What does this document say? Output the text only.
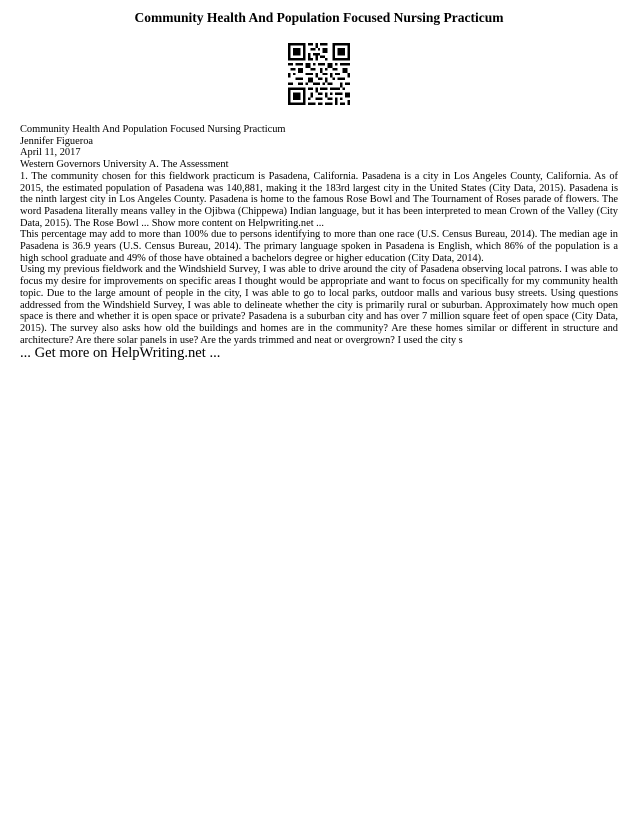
Community Health And Population Focused Nursing Practicum

Community Health And Population Focused Nursing Practicum

Jennifer Figueroa

April 11, 2017

Western Governors University A. The Assessment

1. The community chosen for this fieldwork practicum is Pasadena, California. Pasadena is a city in Los Angeles County, California. As of 2015, the estimated population of Pasadena was 140,881, making it the 183rd largest city in the United States (City Data, 2015). Pasadena is the ninth largest city in Los Angeles County. Pasadena is home to the famous Rose Bowl and The Tournament of Roses parade of flowers. The word Pasadena literally means valley in the Ojibwa (Chippewa) Indian language, but it has been interpreted to mean Crown of the Valley (City Data, 2015). The Rose Bowl ... Show more content on Helpwriting.net ...

This percentage may add to more than 100% due to persons identifying to more than one race (U.S. Census Bureau, 2014). The median age in Pasadena is 36.9 years (U.S. Census Bureau, 2014). The primary language spoken in Pasadena is English, which 86% of the population is a high school graduate and 49% of those have obtained a bachelors degree or higher education (City Data, 2014).

Using my previous fieldwork and the Windshield Survey, I was able to drive around the city of Pasadena observing local patrons. I was able to focus my desire for improvements on specific areas I thought would be appropriate and want to focus on specifically for my community health topic. Due to the large amount of people in the city, I was able to go to local parks, outdoor malls and various busy streets. Using questions addressed from the Windshield Survey, I was able to delineate whether the city is primarily rural or suburban. Approximately how much open space is there and whether it is open space or private? Pasadena is a suburban city and has over 7 million square feet of open space (City Data, 2015). The survey also asks how old the buildings and homes are in the community? Are these homes similar or different in structure and architecture? Are there solar panels in use? Are the yards trimmed and neat or overgrown? I used the city s

... Get more on HelpWriting.net ...
